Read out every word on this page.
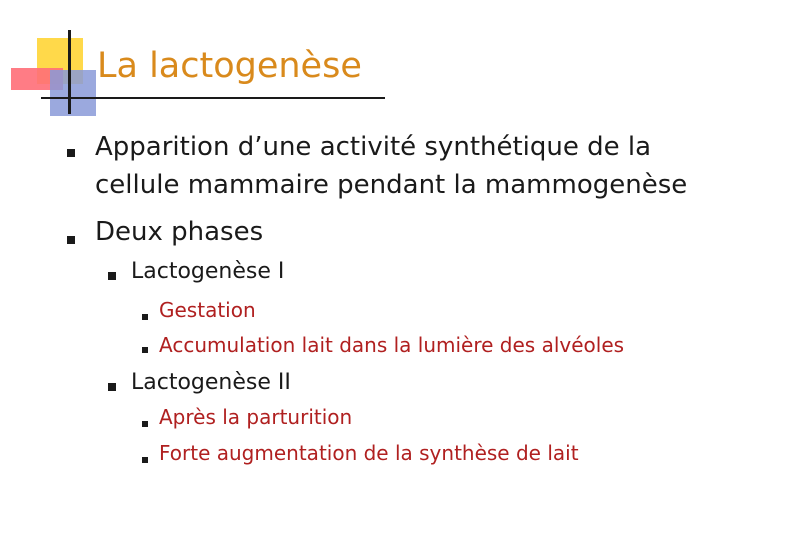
La lactogenèse
Apparition d’une activité synthétique de la
cellule mammaire pendant la mammogenèse
Deux phases
Lactogenèse I
Gestation
Accumulation lait dans la lumière des alvéoles
Lactogenèse II
Après la parturition
Forte augmentation de la synthèse de lait
